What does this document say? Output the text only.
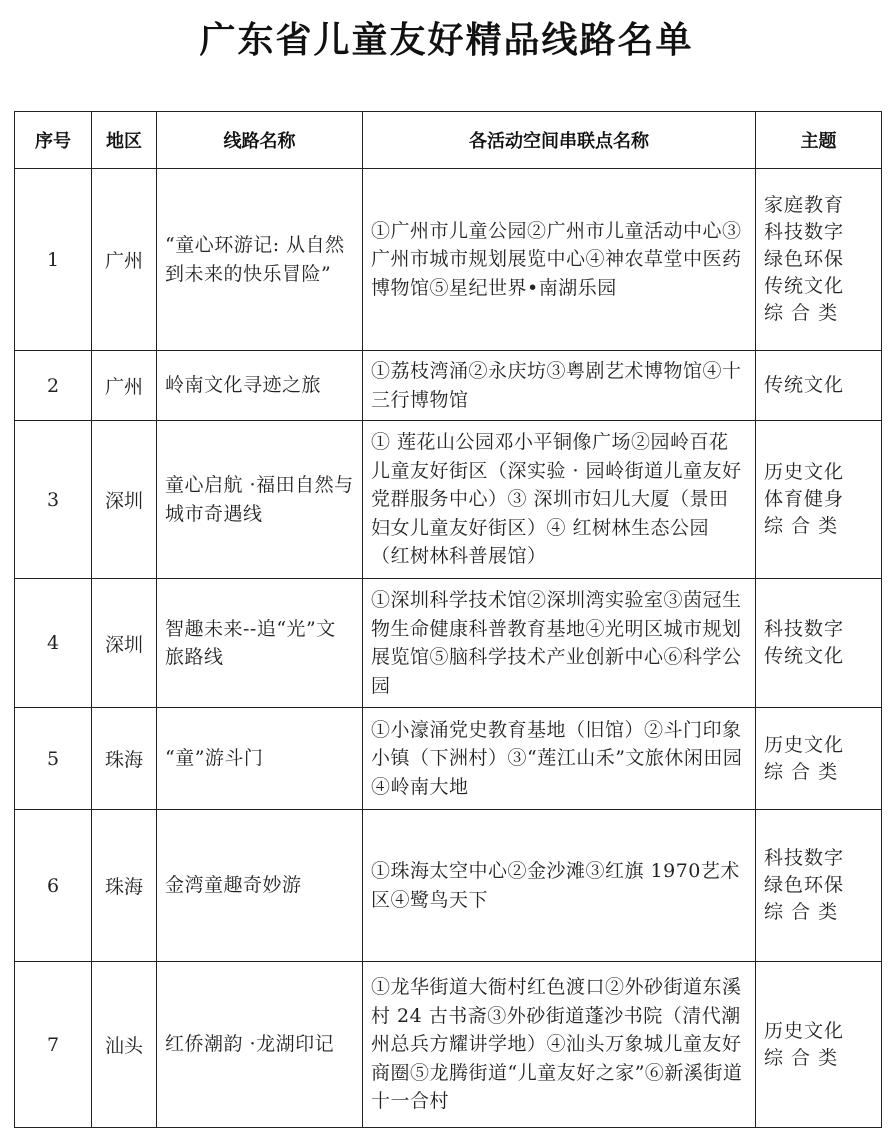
广东省儿童友好精品线路名单
序号	地区	线路名称	各活动空间串联点名称	主题
1	广州	“童心环游记: 从自然到未来的快乐冒险”	①广州市儿童公园②广州市儿童活动中心③广州市城市规划展览中心④神农草堂中医药博物馆⑤星纪世界•南湖乐园	家庭教育
科技数字
绿色环保
传统文化
综 合 类

2	广州	岭南文化寻迹之旅	①荔枝湾涌②永庆坊③粤剧艺术博物馆④十三行博物馆	传统文化

3	深圳	童心启航 ·福田自然与城市奇遇线	① 莲花山公园邓小平铜像广场②园岭百花儿童友好街区（深实验 · 园岭街道儿童友好党群服务中心）③ 深圳市妇儿大厦（景田妇女儿童友好街区）④ 红树林生态公园（红树林科普展馆）	历史文化
体育健身
综 合 类

4	深圳	智趣未来--追“光”文旅路线	①深圳科学技术馆②深圳湾实验室③茵冠生物生命健康科普教育基地④光明区城市规划展览馆⑤脑科学技术产业创新中心⑥科学公园	科技数字
传统文化

5	珠海	“童”游斗门	①小濠涌党史教育基地（旧馆）②斗门印象小镇（下洲村）③“莲江山禾”文旅休闲田园④岭南大地	历史文化
综 合 类

6	珠海	金湾童趣奇妙游	①珠海太空中心②金沙滩③红旗 1970艺术区④鹭鸟天下	科技数字
绿色环保
综 合 类

7	汕头	红侨潮韵 ·龙湖印记	①龙华街道大衙村红色渡口②外砂街道东溪村 24 古书斋③外砂街道蓬沙书院（清代潮州总兵方耀讲学地）④汕头万象城儿童友好商圈⑤龙腾街道“儿童友好之家”⑥新溪街道十一合村	历史文化
综 合 类
